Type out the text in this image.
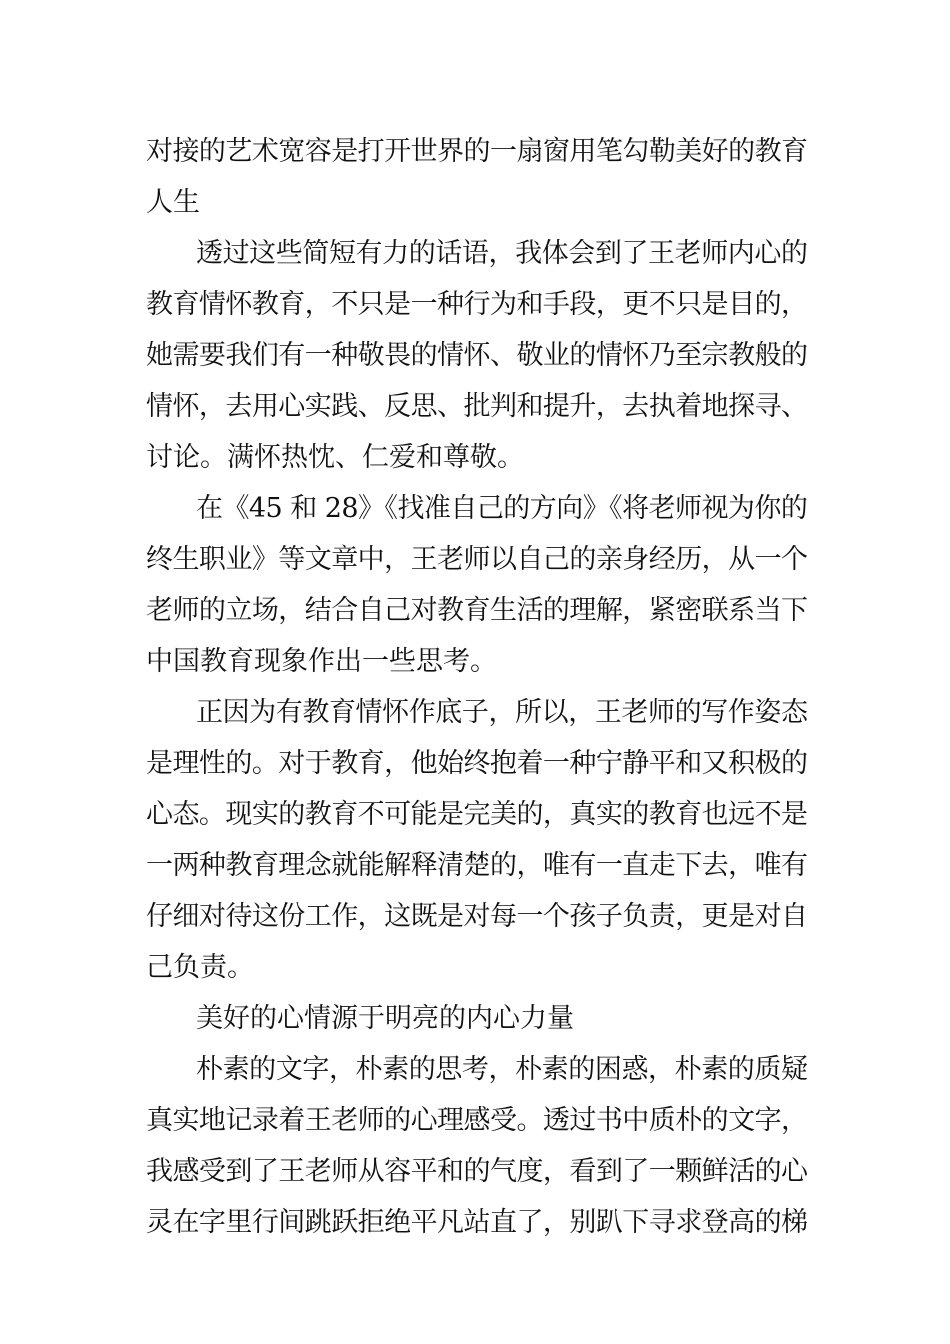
对接的艺术宽容是打开世界的一扇窗用笔勾勒美好的教育
人生
透过这些简短有力的话语，我体会到了王老师内心的
教育情怀教育，不只是一种行为和手段，更不只是目的，
她需要我们有一种敬畏的情怀、敬业的情怀乃至宗教般的
情怀，去用心实践、反思、批判和提升，去执着地探寻、
讨论。满怀热忱、仁爱和尊敬。
在《45 和 28》《找准自己的方向》《将老师视为你的
终生职业》等文章中，王老师以自己的亲身经历，从一个
老师的立场，结合自己对教育生活的理解，紧密联系当下
中国教育现象作出一些思考。
正因为有教育情怀作底子，所以，王老师的写作姿态
是理性的。对于教育，他始终抱着一种宁静平和又积极的
心态。现实的教育不可能是完美的，真实的教育也远不是
一两种教育理念就能解释清楚的，唯有一直走下去，唯有
仔细对待这份工作，这既是对每一个孩子负责，更是对自
己负责。
美好的心情源于明亮的内心力量
朴素的文字，朴素的思考，朴素的困惑，朴素的质疑
真实地记录着王老师的心理感受。透过书中质朴的文字，
我感受到了王老师从容平和的气度，看到了一颗鲜活的心
灵在字里行间跳跃拒绝平凡站直了，别趴下寻求登高的梯
